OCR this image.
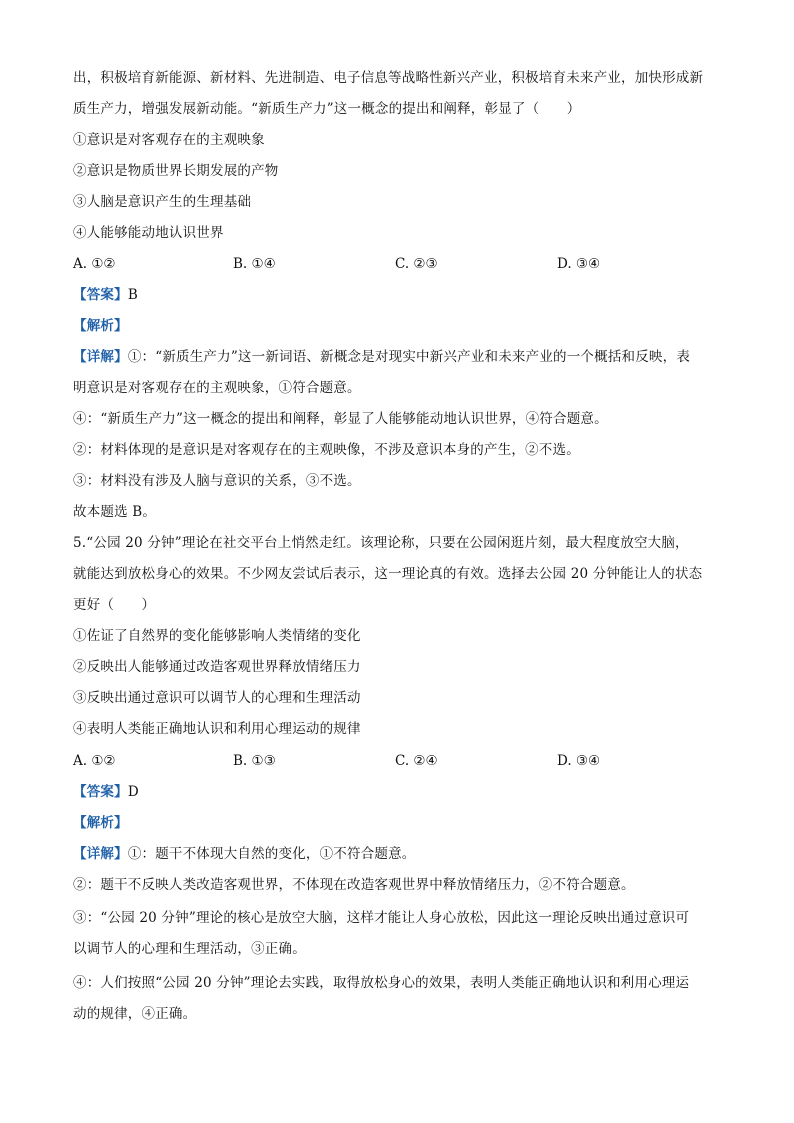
出，积极培育新能源、新材料、先进制造、电子信息等战略性新兴产业，积极培育未来产业，加快形成新
质生产力，增强发展新动能。“新质生产力”这一概念的提出和阐释，彰显了（　　）
①意识是对客观存在的主观映象
②意识是物质世界长期发展的产物
③人脑是意识产生的生理基础
④人能够能动地认识世界
A. ①②	B. ①④	C. ②③	D. ③④
【答案】B
【解析】
【详解】①：“新质生产力”这一新词语、新概念是对现实中新兴产业和未来产业的一个概括和反映，表
明意识是对客观存在的主观映象，①符合题意。
④：“新质生产力”这一概念的提出和阐释，彰显了人能够能动地认识世界，④符合题意。
②：材料体现的是意识是对客观存在的主观映像，不涉及意识本身的产生，②不选。
③：材料没有涉及人脑与意识的关系，③不选。
故本题选 B。
5.“公园 20 分钟”理论在社交平台上悄然走红。该理论称，只要在公园闲逛片刻，最大程度放空大脑，
就能达到放松身心的效果。不少网友尝试后表示，这一理论真的有效。选择去公园 20 分钟能让人的状态
更好（　　）
①佐证了自然界的变化能够影响人类情绪的变化
②反映出人能够通过改造客观世界释放情绪压力
③反映出通过意识可以调节人的心理和生理活动
④表明人类能正确地认识和利用心理运动的规律
A. ①②	B. ①③	C. ②④	D. ③④
【答案】D
【解析】
【详解】①：题干不体现大自然的变化，①不符合题意。
②：题干不反映人类改造客观世界，不体现在改造客观世界中释放情绪压力，②不符合题意。
③：“公园 20 分钟”理论的核心是放空大脑，这样才能让人身心放松，因此这一理论反映出通过意识可
以调节人的心理和生理活动，③正确。
④：人们按照“公园 20 分钟”理论去实践，取得放松身心的效果，表明人类能正确地认识和利用心理运
动的规律，④正确。
